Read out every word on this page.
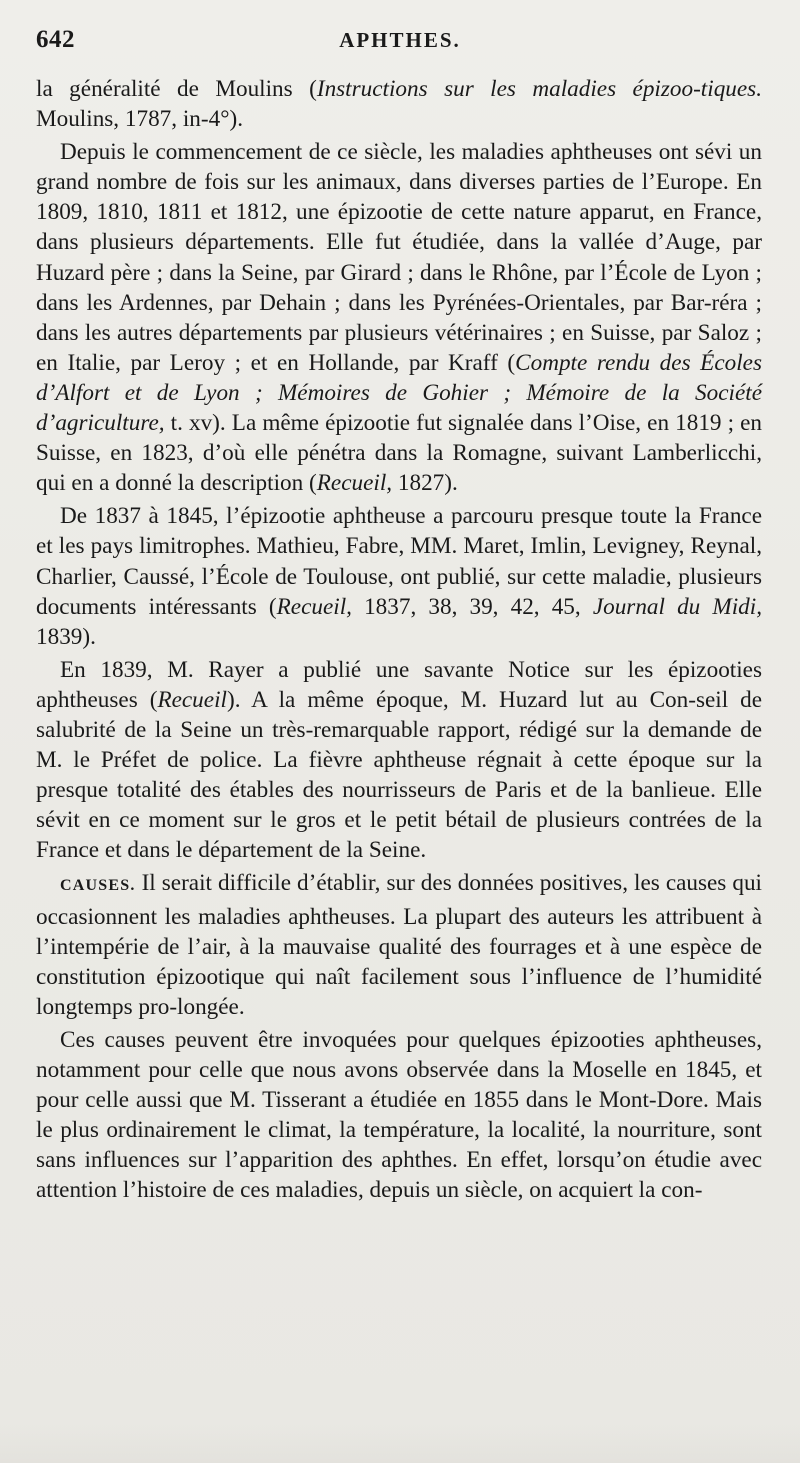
642	APHTHES.

la généralité de Moulins (Instructions sur les maladies épizoo-tiques. Moulins, 1787, in-4°).

Depuis le commencement de ce siècle, les maladies aphtheuses ont sévi un grand nombre de fois sur les animaux, dans diverses parties de l’Europe. En 1809, 1810, 1811 et 1812, une épizootie de cette nature apparut, en France, dans plusieurs départements. Elle fut étudiée, dans la vallée d’Auge, par Huzard père ; dans la Seine, par Girard ; dans le Rhône, par l’École de Lyon ; dans les Ardennes, par Dehain ; dans les Pyrénées-Orientales, par Bar-réra ; dans les autres départements par plusieurs vétérinaires ; en Suisse, par Saloz ; en Italie, par Leroy ; et en Hollande, par Kraff (Compte rendu des Écoles d’Alfort et de Lyon ; Mémoires de Gohier ; Mémoire de la Société d’agriculture, t. xv). La même épizootie fut signalée dans l’Oise, en 1819 ; en Suisse, en 1823, d’où elle pénétra dans la Romagne, suivant Lamberlicchi, qui en a donné la description (Recueil, 1827).

De 1837 à 1845, l’épizootie aphtheuse a parcouru presque toute la France et les pays limitrophes. Mathieu, Fabre, MM. Maret, Imlin, Levigney, Reynal, Charlier, Caussé, l’École de Toulouse, ont publié, sur cette maladie, plusieurs documents intéressants (Recueil, 1837, 38, 39, 42, 45, Journal du Midi, 1839).

En 1839, M. Rayer a publié une savante Notice sur les épizooties aphtheuses (Recueil). A la même époque, M. Huzard lut au Con-seil de salubrité de la Seine un très-remarquable rapport, rédigé sur la demande de M. le Préfet de police. La fièvre aphtheuse régnait à cette époque sur la presque totalité des étables des nourrisseurs de Paris et de la banlieue. Elle sévit en ce moment sur le gros et le petit bétail de plusieurs contrées de la France et dans le département de la Seine.

CAUSES. Il serait difficile d’établir, sur des données positives, les causes qui occasionnent les maladies aphtheuses. La plupart des auteurs les attribuent à l’intempérie de l’air, à la mauvaise qualité des fourrages et à une espèce de constitution épizootique qui naît facilement sous l’influence de l’humidité longtemps pro-longée.

Ces causes peuvent être invoquées pour quelques épizooties aphtheuses, notamment pour celle que nous avons observée dans la Moselle en 1845, et pour celle aussi que M. Tisserant a étudiée en 1855 dans le Mont-Dore. Mais le plus ordinairement le climat, la température, la localité, la nourriture, sont sans influences sur l’apparition des aphthes. En effet, lorsqu’on étudie avec attention l’histoire de ces maladies, depuis un siècle, on acquiert la con-
